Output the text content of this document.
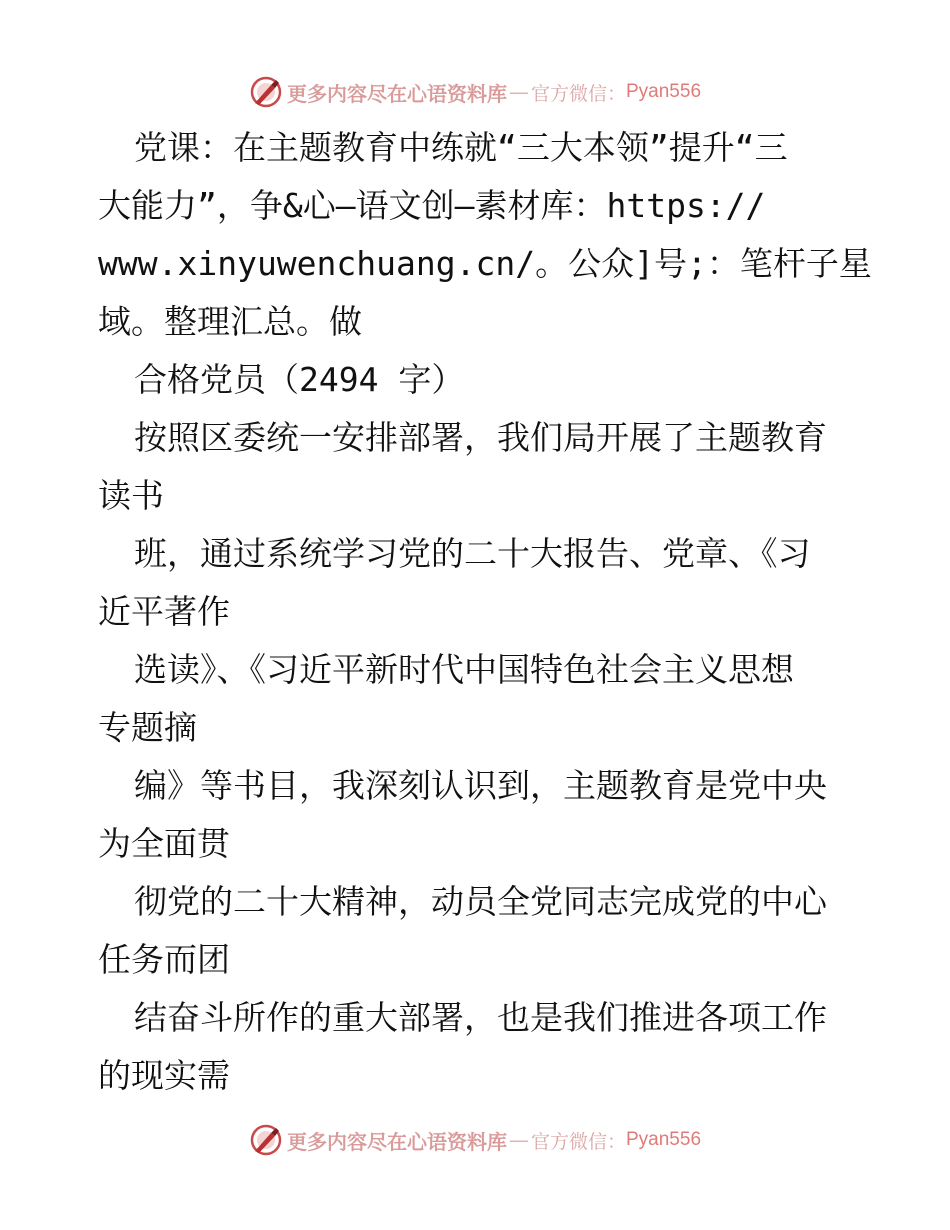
更多内容尽在心语资料库 — 官方微信： Pyan556
党课：在主题教育中练就“三大本领”提升“三
大能力”，争&心—语文创—素材库：https://
www.xinyuwenchuang.cn/。公众]号;：笔杆子星
域。整理汇总。做
合格党员（2494 字）
按照区委统一安排部署，我们局开展了主题教育
读书
班，通过系统学习党的二十大报告、党章、《习
近平著作
选读》、《习近平新时代中国特色社会主义思想
专题摘
编》等书目，我深刻认识到，主题教育是党中央
为全面贯
彻党的二十大精神，动员全党同志完成党的中心
任务而团
结奋斗所作的重大部署，也是我们推进各项工作
的现实需
更多内容尽在心语资料库 — 官方微信： Pyan556
